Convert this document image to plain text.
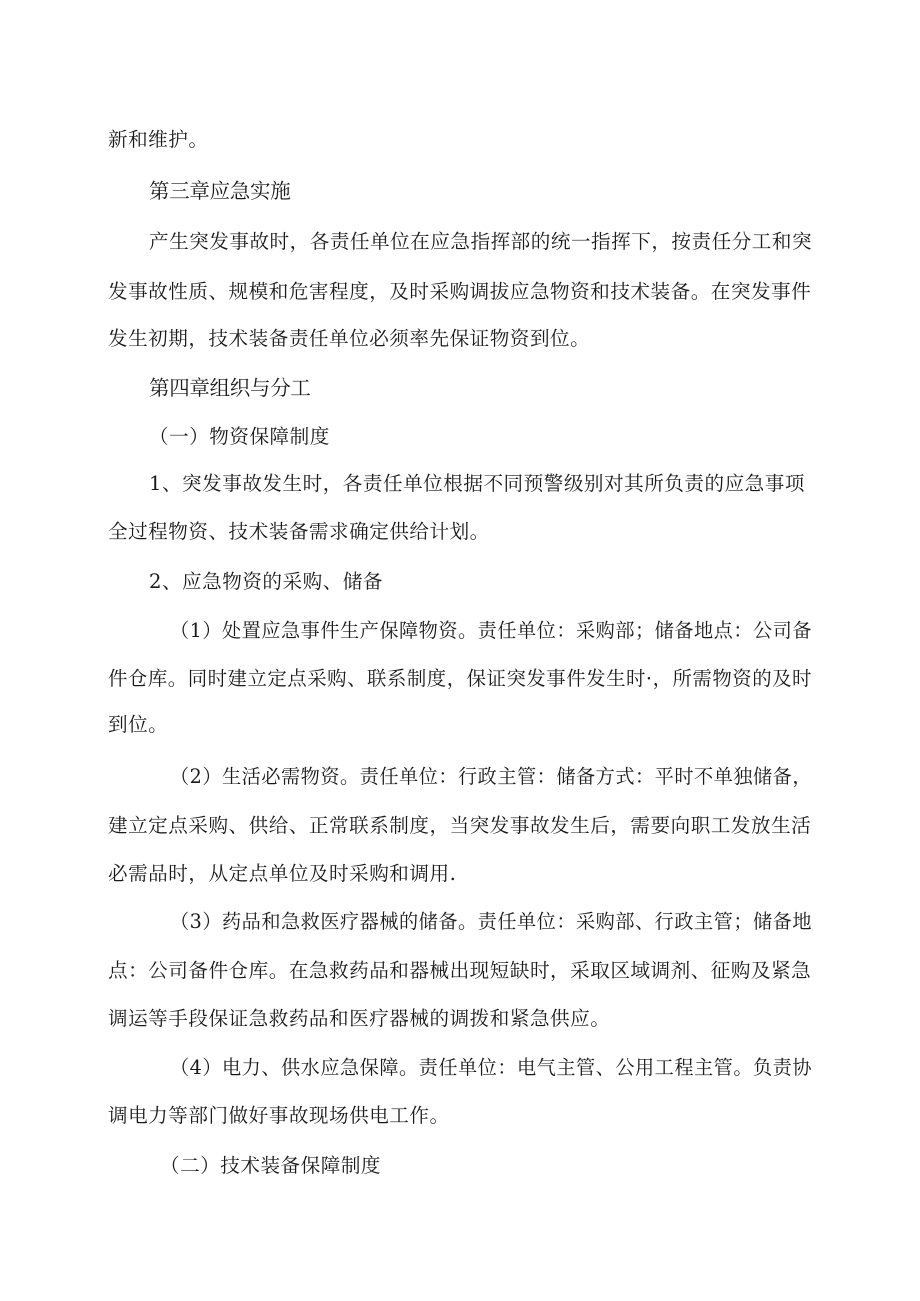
新和维护。
第三章应急实施
产生突发事故时，各责任单位在应急指挥部的统一指挥下，按责任分工和突
发事故性质、规模和危害程度，及时采购调拔应急物资和技术装备。在突发事件
发生初期，技术装备责任单位必须率先保证物资到位。
第四章组织与分工
（一）物资保障制度
1、突发事故发生时，各责任单位根据不同预警级别对其所负责的应急事项
全过程物资、技术装备需求确定供给计划。
2、应急物资的采购、储备
（1）处置应急事件生产保障物资。责任单位：采购部；储备地点：公司备
件仓库。同时建立定点采购、联系制度，保证突发事件发生时·，所需物资的及时
到位。
（2）生活必需物资。责任单位：行政主管：储备方式：平时不单独储备，
建立定点采购、供给、正常联系制度，当突发事故发生后，需要向职工发放生活
必需品时，从定点单位及时采购和调用.
（3）药品和急救医疗器械的储备。责任单位：采购部、行政主管；储备地
点：公司备件仓库。在急救药品和器械出现短缺时，采取区域调剂、征购及紧急
调运等手段保证急救药品和医疗器械的调拨和紧急供应。
（4）电力、供水应急保障。责任单位：电气主管、公用工程主管。负责协
调电力等部门做好事故现场供电工作。
（二）技术装备保障制度
